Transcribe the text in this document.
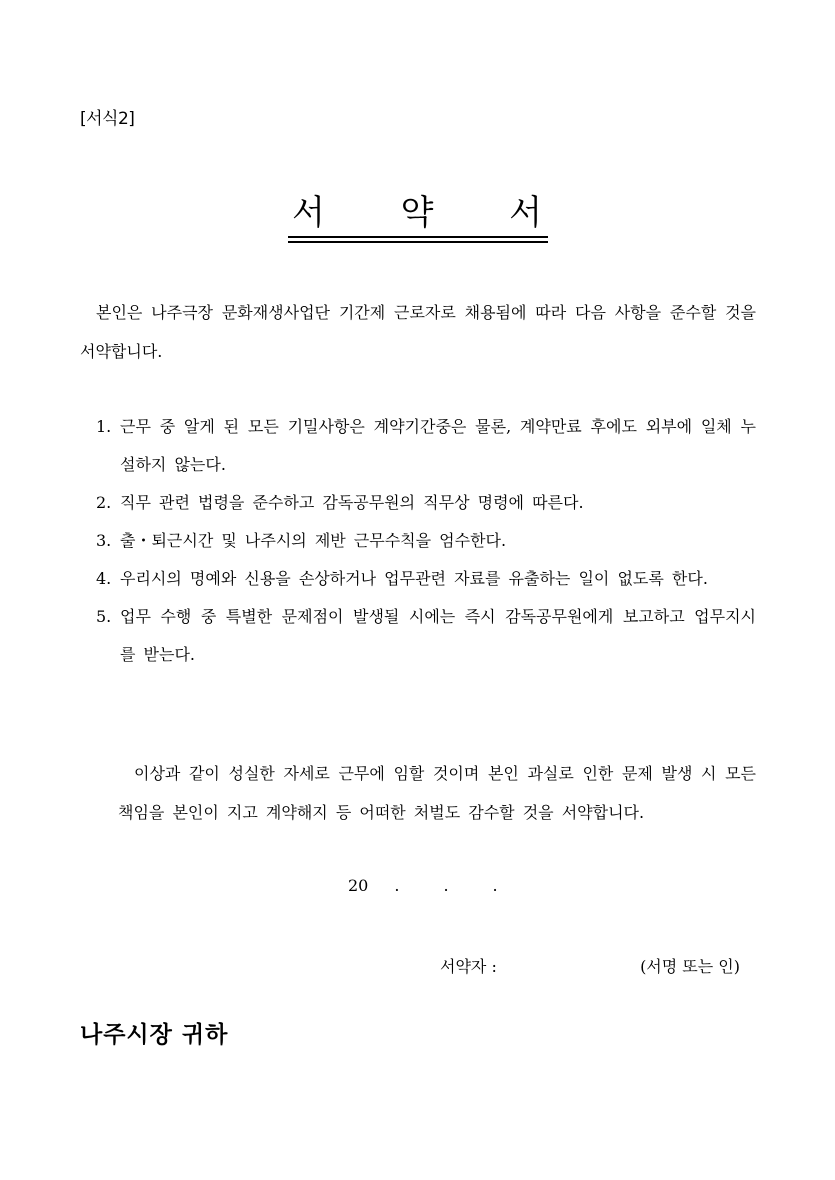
[서식2]
서 약 서
본인은 나주극장 문화재생사업단 기간제 근로자로 채용됨에 따라 다음 사항을 준수할 것을 서약합니다.
1. 근무 중 알게 된 모든 기밀사항은 계약기간중은 물론, 계약만료 후에도 외부에 일체 누설하지 않는다.
2. 직무 관련 법령을 준수하고 감독공무원의 직무상 명령에 따른다.
3. 출・퇴근시간 및 나주시의 제반 근무수칙을 엄수한다.
4. 우리시의 명예와 신용을 손상하거나 업무관련 자료를 유출하는 일이 없도록 한다.
5. 업무 수행 중 특별한 문제점이 발생될 시에는 즉시 감독공무원에게 보고하고 업무지시를 받는다.
이상과 같이 성실한 자세로 근무에 임할 것이며 본인 과실로 인한 문제 발생 시 모든 책임을 본인이 지고 계약해지 등 어떠한 처벌도 감수할 것을 서약합니다.
20 .	.	.
서약자 :	(서명 또는 인)
나주시장 귀하
